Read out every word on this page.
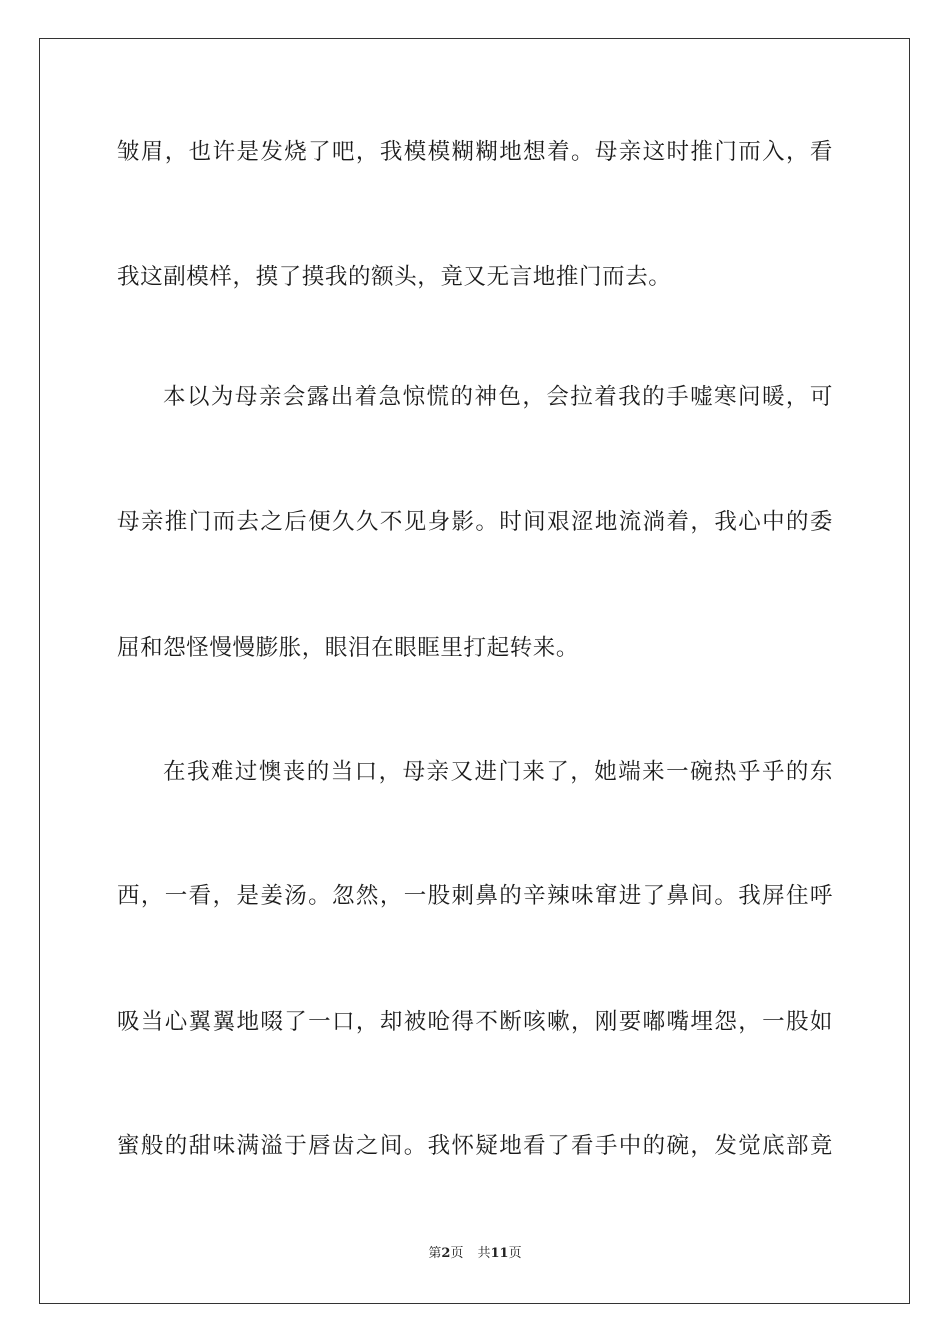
皱眉，也许是发烧了吧，我模模糊糊地想着。母亲这时推门而入，看
我这副模样，摸了摸我的额头，竟又无言地推门而去。
本以为母亲会露出着急惊慌的神色，会拉着我的手嘘寒问暖，可
母亲推门而去之后便久久不见身影。时间艰涩地流淌着，我心中的委
屈和怨怪慢慢膨胀，眼泪在眼眶里打起转来。
在我难过懊丧的当口，母亲又进门来了，她端来一碗热乎乎的东
西，一看，是姜汤。忽然，一股刺鼻的辛辣味窜进了鼻间。我屏住呼
吸当心翼翼地啜了一口，却被呛得不断咳嗽，刚要嘟嘴埋怨，一股如
蜜般的甜味满溢于唇齿之间。我怀疑地看了看手中的碗，发觉底部竟
第2页 共11页
